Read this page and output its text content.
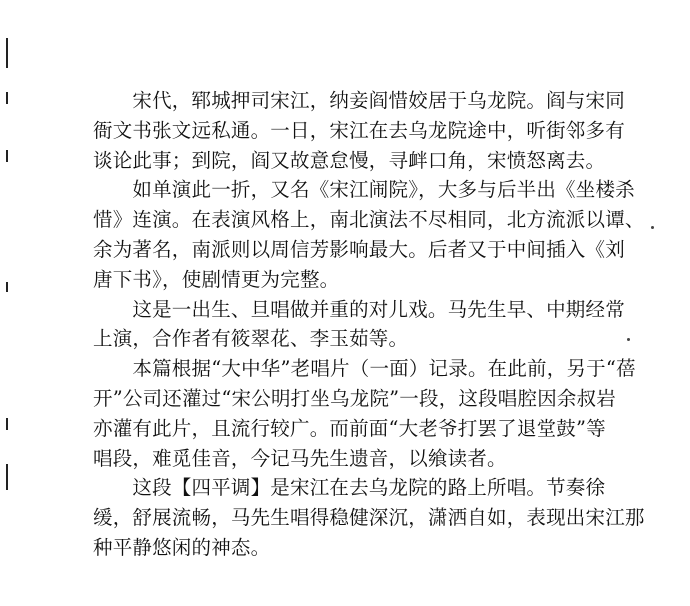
　　宋代，郓城押司宋江，纳妾阎惜姣居于乌龙院。阎与宋同
衙文书张文远私通。一日，宋江在去乌龙院途中，听街邻多有
谈论此事；到院，阎又故意怠慢，寻衅口角，宋愤怒离去。
　　如单演此一折，又名《宋江闹院》，大多与后半出《坐楼杀
惜》连演。在表演风格上，南北演法不尽相同，北方流派以谭、
余为著名，南派则以周信芳影响最大。后者又于中间插入《刘
唐下书》，使剧情更为完整。
　　这是一出生、旦唱做并重的对儿戏。马先生早、中期经常
上演，合作者有筱翠花、李玉茹等。
　　本篇根据“大中华”老唱片（一面）记录。在此前，另于“蓓
开”公司还灌过“宋公明打坐乌龙院”一段，这段唱腔因余叔岩
亦灌有此片，且流行较广。而前面“大老爷打罢了退堂鼓”等
唱段，难觅佳音，今记马先生遗音，以飨读者。
　　这段【四平调】是宋江在去乌龙院的路上所唱。节奏徐
缓，舒展流畅，马先生唱得稳健深沉，潇洒自如，表现出宋江那
种平静悠闲的神态。
